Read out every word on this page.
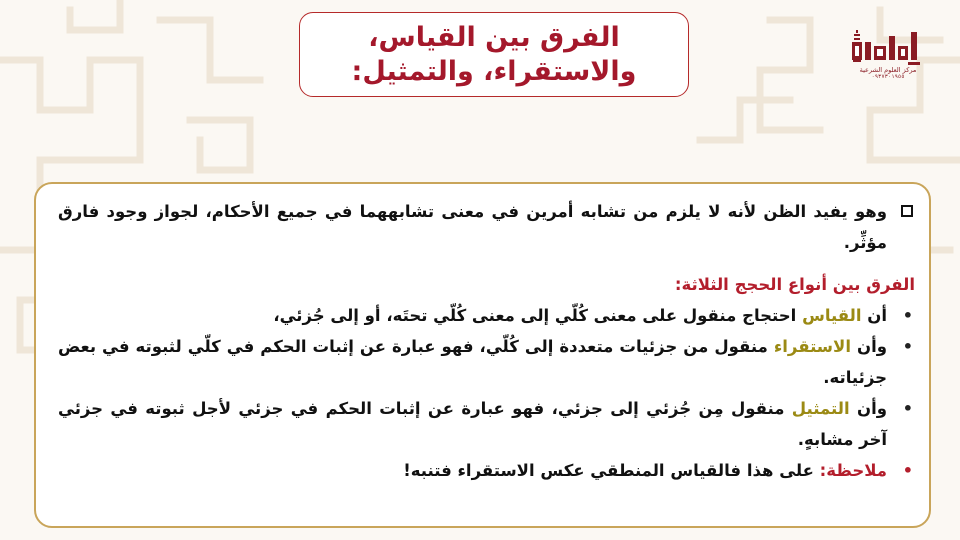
الفرق بين القياس،
والاستقراء، والتمثيل:	مركز العلوم الشرعية
٠٩٣٧٣٠١٩٥٥
وهو يفيد الظن لأنه لا يلزم من تشابه أمرين في معنى تشابههما في جميع الأحكام، لجواز وجود فارق مؤثِّر.
الفرق بين أنواع الحجج الثلاثة:
•
أن القياس احتجاج منقول على معنى كُلّي إلى معنى كُلّي تحتَه، أو إلى جُزئي،
•
وأن الاستقراء منقول من جزئيات متعددة إلى كُلّي، فهو عبارة عن إثبات الحكم في كلّي لثبوته في بعض جزئياته.
•
وأن التمثيل منقول مِن جُزئي إلى جزئي، فهو عبارة عن إثبات الحكم في جزئي لأجل ثبوته في جزئي آخر مشابهٍ.
•
ملاحظة: على هذا فالقياس المنطقي عكس الاستقراء فتنبه!
